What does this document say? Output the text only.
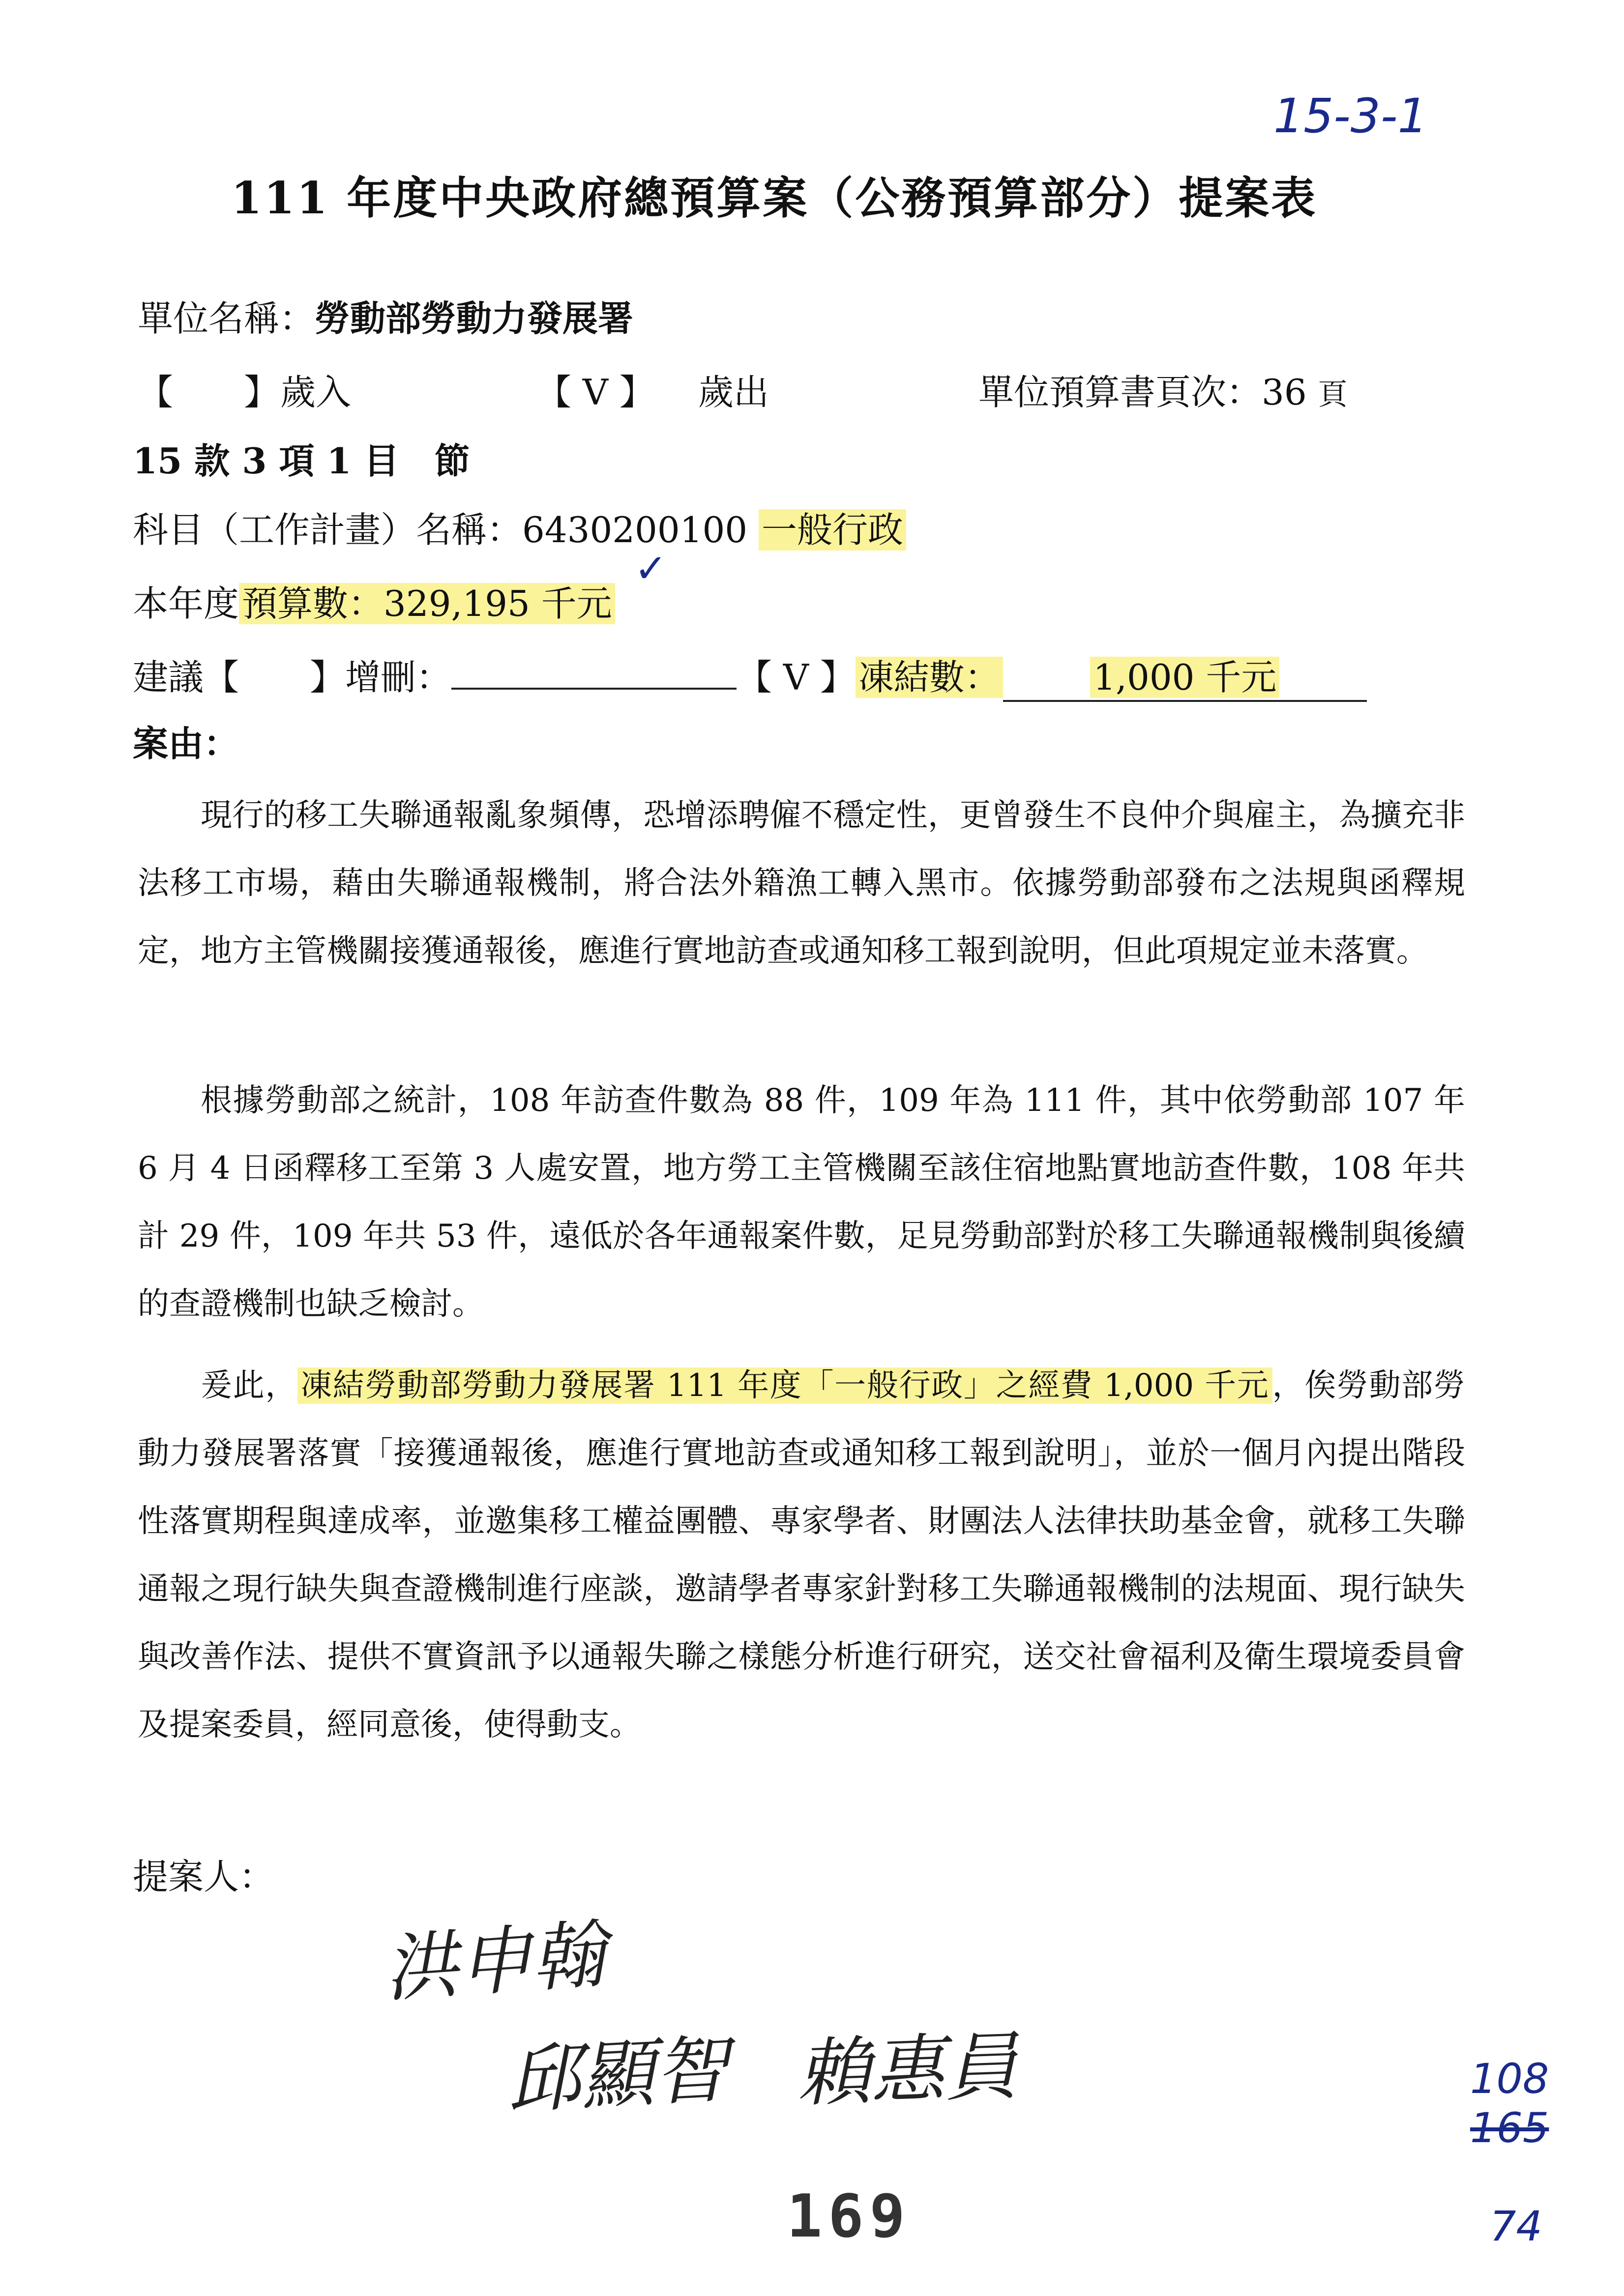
15-3-1
111 年度中央政府總預算案（公務預算部分）提案表
單位名稱：勞動部勞動力發展署
【　　】 歲入	【 V 】 歲出	單位預算書頁次：36 頁
15 款 3 項 1 目　節
科目（工作計畫）名稱：6430200100 一般行政
本年度預算數：329,195 千元
✓
建議【　　】增刪：	【 V 】凍結數：	1,000 千元
案由：

現行的移工失聯通報亂象頻傳，恐增添聘僱不穩定性，更曾發生不良仲介與雇主，為擴充非法移工市場，藉由失聯通報機制，將合法外籍漁工轉入黑市。依據勞動部發布之法規與函釋規定，地方主管機關接獲通報後，應進行實地訪查或通知移工報到說明，但此項規定並未落實。

根據勞動部之統計，108 年訪查件數為 88 件，109 年為 111 件，其中依勞動部 107 年 6 月 4 日函釋移工至第 3 人處安置，地方勞工主管機關至該住宿地點實地訪查件數，108 年共計 29 件，109 年共 53 件，遠低於各年通報案件數，足見勞動部對於移工失聯通報機制與後續的查證機制也缺乏檢討。

爰此，凍結勞動部勞動力發展署 111 年度「一般行政」之經費 1,000 千元，俟勞動部勞動力發展署落實「接獲通報後，應進行實地訪查或通知移工報到說明」，並於一個月內提出階段性落實期程與達成率，並邀集移工權益團體、專家學者、財團法人法律扶助基金會，就移工失聯通報之現行缺失與查證機制進行座談，邀請學者專家針對移工失聯通報機制的法規面、現行缺失與改善作法、提供不實資訊予以通報失聯之樣態分析進行研究，送交社會福利及衛生環境委員會及提案委員，經同意後，使得動支。

提案人：
洪申翰
邱顯智 賴惠員	108
165
74
169
